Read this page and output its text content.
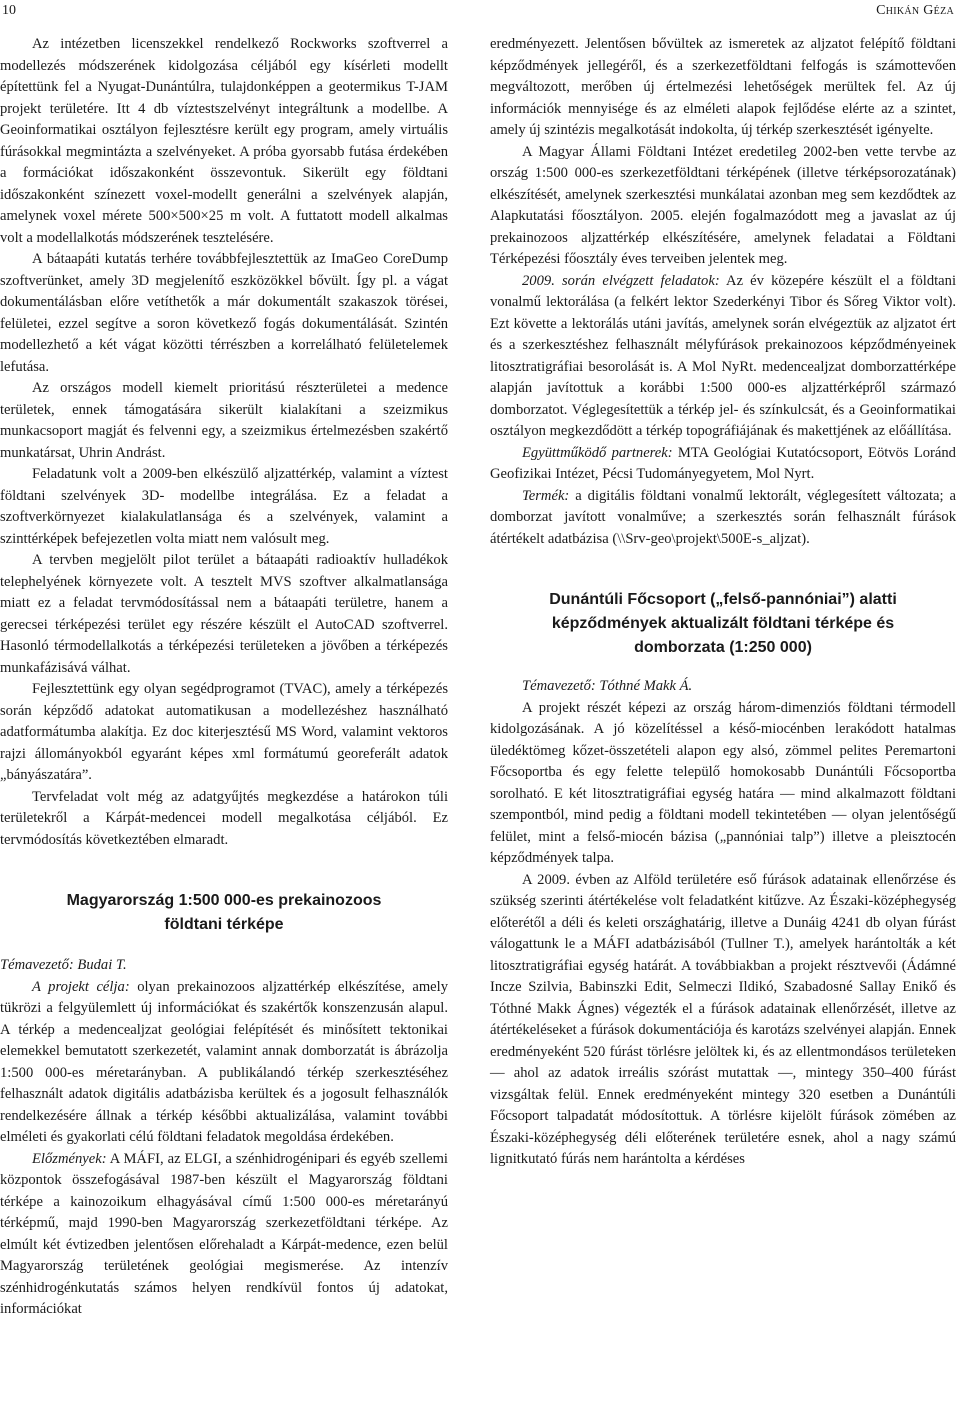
10	Chikán Géza

Az intézetben licenszekkel rendelkező Rockworks szoftverrel a modellezés módszerének kidolgozása céljából egy kísérleti modellt építettünk fel a Nyugat-Dunántúlra, tulajdonképpen a geotermikus T-JAM projekt területére. Itt 4 db víztestszelvényt integráltunk a modellbe. A Geoinformatikai osztályon fejlesztésre került egy program, amely virtuális fúrásokkal megmintázta a szelvényeket. A próba gyorsabb futása érdekében a formációkat időszakonként összevontuk. Sikerült egy földtani időszakonként színezett voxel-modellt generálni a szelvények alapján, amelynek voxel mérete 500×500×25 m volt. A futtatott modell alkalmas volt a modellalkotás módszerének tesztelésére.

A bátaapáti kutatás terhére továbbfejlesztettük az ImaGeo CoreDump szoftverünket, amely 3D megjelenítő eszközökkel bővült. Így pl. a vágat dokumentálásban előre vetíthetők a már dokumentált szakaszok törései, felületei, ezzel segítve a soron következő fogás dokumentálását. Szintén modellezhető a két vágat közötti térrészben a korrelálható felületelemek lefutása.

Az országos modell kiemelt prioritású részterületei a medence területek, ennek támogatására sikerült kialakítani a szeizmikus munkacsoport magját és felvenni egy, a szeizmikus értelmezésben szakértő munkatársat, Uhrin Andrást.

Feladatunk volt a 2009-ben elkészülő aljzattérkép, valamint a víztest földtani szelvények 3D- modellbe integrálása. Ez a feladat a szoftverkörnyezet kialakulatlansága és a szelvények, valamint a szinttérképek befejezetlen volta miatt nem valósult meg.

A tervben megjelölt pilot terület a bátaapáti radioaktív hulladékok telephelyének környezete volt. A tesztelt MVS szoftver alkalmatlansága miatt ez a feladat tervmódosítással nem a bátaapáti területre, hanem a gerecsei térképezési terület egy részére készült el AutoCAD szoftverrel. Hasonló térmodellalkotás a térképezési területeken a jövőben a térképezés munkafázisává válhat.

Fejlesztettünk egy olyan segédprogramot (TVAC), amely a térképezés során képződő adatokat automatikusan a modellezéshez használható adatformátumba alakítja. Ez doc kiterjesztésű MS Word, valamint vektoros rajzi állományokból egyaránt képes xml formátumú georeferált adatok „bányászatára”.

Tervfeladat volt még az adatgyűjtés megkezdése a határokon túli területekről a Kárpát-medencei modell megalkotása céljából. Ez tervmódosítás következtében elmaradt.

Magyarország 1:500 000-es prekainozoos
földtani térképe

Témavezető: Budai T.

A projekt célja: olyan prekainozoos aljzattérkép elkészítése, amely tükrözi a felgyülemlett új információkat és szakértők konszenzusán alapul. A térkép a medencealjzat geológiai felépítését és minősített tektonikai elemekkel bemutatott szerkezetét, valamint annak domborzatát is ábrázolja 1:500 000-es méretarányban. A publikálandó térkép szerkesztéséhez felhasznált adatok digitális adatbázisba kerültek és a jogosult felhasználók rendelkezésére állnak a térkép későbbi aktualizálása, valamint további elméleti és gyakorlati célú földtani feladatok megoldása érdekében.

Előzmények: A MÁFI, az ELGI, a szénhidrogénipari és egyéb szellemi központok összefogásával 1987-ben készült el Magyarország földtani térképe a kainozoikum elhagyásával című 1:500 000-es méretarányú térképmű, majd 1990-ben Magyarország szerkezetföldtani térképe. Az elmúlt két évtizedben jelentősen előrehaladt a Kárpát-medence, ezen belül Magyarország területének geológiai megismerése. Az intenzív szénhidrogénkutatás számos helyen rendkívül fontos új adatokat, információkat

eredményezett. Jelentősen bővültek az ismeretek az aljzatot felépítő földtani képződmények jellegéről, és a szerkezetföldtani felfogás is számottevően megváltozott, merőben új értelmezési lehetőségek merültek fel. Az új információk mennyisége és az elméleti alapok fejlődése elérte az a szintet, amely új szintézis megalkotását indokolta, új térkép szerkesztését igényelte.

A Magyar Állami Földtani Intézet eredetileg 2002-ben vette tervbe az ország 1:500 000-es szerkezetföldtani térképének (illetve térképsorozatának) elkészítését, amelynek szerkesztési munkálatai azonban meg sem kezdődtek az Alapkutatási főosztályon. 2005. elején fogalmazódott meg a javaslat az új prekainozoos aljzattérkép elkészítésére, amelynek feladatai a Földtani Térképezési főosztály éves terveiben jelentek meg.

2009. során elvégzett feladatok: Az év közepére készült el a földtani vonalmű lektorálása (a felkért lektor Szederkényi Tibor és Sőreg Viktor volt). Ezt követte a lektorálás utáni javítás, amelynek során elvégeztük az aljzatot ért és a szerkesztéshez felhasznált mélyfúrások prekainozoos képződményeinek litosztratigráfiai besorolását is. A Mol NyRt. medencealjzat domborzattérképe alapján javítottuk a korábbi 1:500 000-es aljzattérképről származó domborzatot. Véglegesítettük a térkép jel- és színkulcsát, és a Geoinformatikai osztályon megkezdődött a térkép topográfiájának és makettjének az előállítása.

Együttműködő partnerek: MTA Geológiai Kutatócsoport, Eötvös Loránd Geofizikai Intézet, Pécsi Tudományegyetem, Mol Nyrt.

Termék: a digitális földtani vonalmű lektorált, véglegesített változata; a domborzat javított vonalműve; a szerkesztés során felhasznált fúrások átértékelt adatbázisa (\\Srv-geo\projekt\500E-s_aljzat).

Dunántúli Főcsoport („felső-pannóniai”) alatti
képződmények aktualizált földtani térképe és
domborzata (1:250 000)

Témavezető: Tóthné Makk Á.

A projekt részét képezi az ország három-dimenziós földtani térmodell kidolgozásának. A jó közelítéssel a késő-miocénben lerakódott hatalmas üledéktömeg kőzet-összetételi alapon egy alsó, zömmel pelites Peremartoni Főcsoportba és egy felette települő homokosabb Dunántúli Főcsoportba sorolható. E két litosztratigráfiai egység határa — mind alkalmazott földtani szempontból, mind pedig a földtani modell tekintetében — olyan jelentőségű felület, mint a felső-miocén bázisa („pannóniai talp”) illetve a pleisztocén képződmények talpa.

A 2009. évben az Alföld területére eső fúrások adatainak ellenőrzése és szükség szerinti átértékelése volt feladatként kitűzve. Az Északi-középhegység előterétől a déli és keleti országhatárig, illetve a Dunáig 4241 db olyan fúrást válogattunk le a MÁFI adatbázisából (Tullner T.), amelyek harántolták a két litosztratigráfiai egység határát. A továbbiakban a projekt résztvevői (Ádámné Incze Szilvia, Babinszki Edit, Selmeczi Ildikó, Szabadosné Sallay Enikő és Tóthné Makk Ágnes) végezték el a fúrások adatainak ellenőrzését, illetve az átértékeléseket a fúrások dokumentációja és karotázs szelvényei alapján. Ennek eredményeként 520 fúrást törlésre jelöltek ki, és az ellentmondásos területeken — ahol az adatok irreális szórást mutattak —, mintegy 350–400 fúrást vizsgáltak felül. Ennek eredményeként mintegy 320 esetben a Dunántúli Főcsoport talpadatát módosítottuk. A törlésre kijelölt fúrások zömében az Északi-középhegység déli előterének területére esnek, ahol a nagy számú lignitkutató fúrás nem harántolta a kérdéses
